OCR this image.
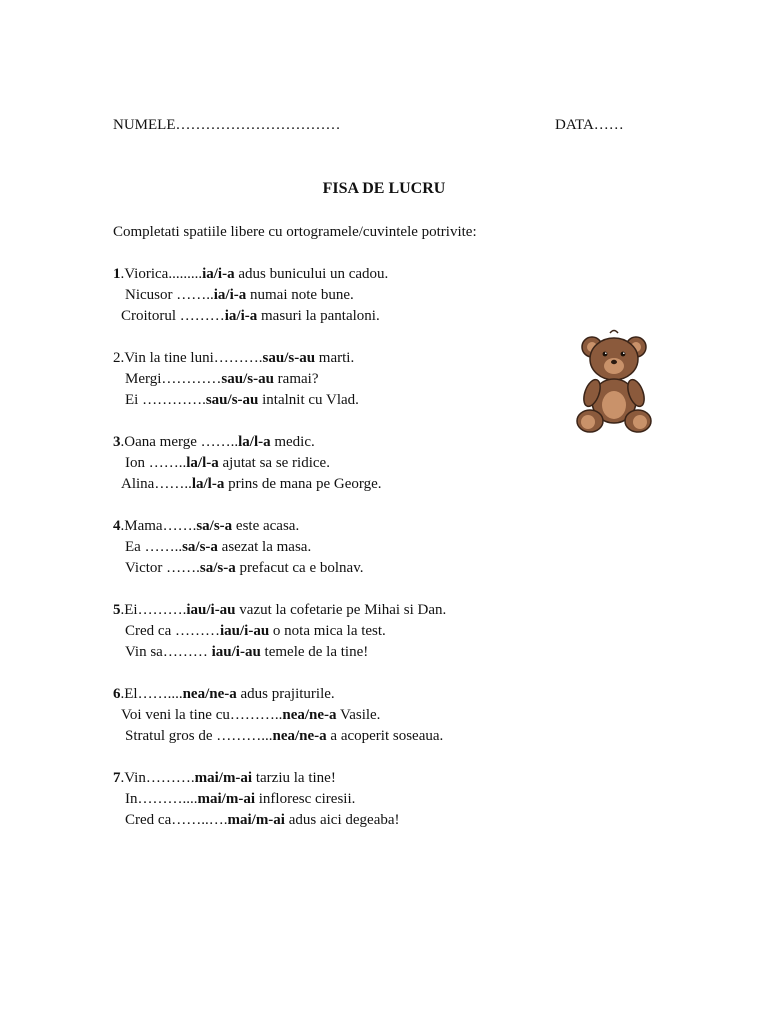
NUMELE……………………………	DATA……
FISA DE LUCRU
Completati spatiile libere cu ortogramele/cuvintele potrivite:
1.Viorica.........ia/i-a adus bunicului un cadou.
Nicusor ……..ia/i-a numai note bune.
Croitorul ………ia/i-a masuri la pantaloni.
2.Vin la tine luni……….sau/s-au marti.
Mergi…………sau/s-au ramai?
Ei ………….sau/s-au intalnit cu Vlad.
3.Oana merge ……..la/l-a medic.
Ion ……..la/l-a ajutat sa se ridice.
Alina……..la/l-a prins de mana pe George.
4.Mama…….sa/s-a este acasa.
Ea ……..sa/s-a asezat la masa.
Victor …….sa/s-a prefacut ca e bolnav.
5.Ei……….iau/i-au vazut la cofetarie pe Mihai si Dan.
Cred ca ………iau/i-au o nota mica la test.
Vin sa……… iau/i-au temele de la tine!
6.El……....nea/ne-a adus prajiturile.
Voi veni la tine cu………..nea/ne-a Vasile.
Stratul gros de ………...nea/ne-a a acoperit soseaua.
7.Vin……….mai/m-ai tarziu la tine!
In………....mai/m-ai infloresc ciresii.
Cred ca……..….mai/m-ai adus aici degeaba!
